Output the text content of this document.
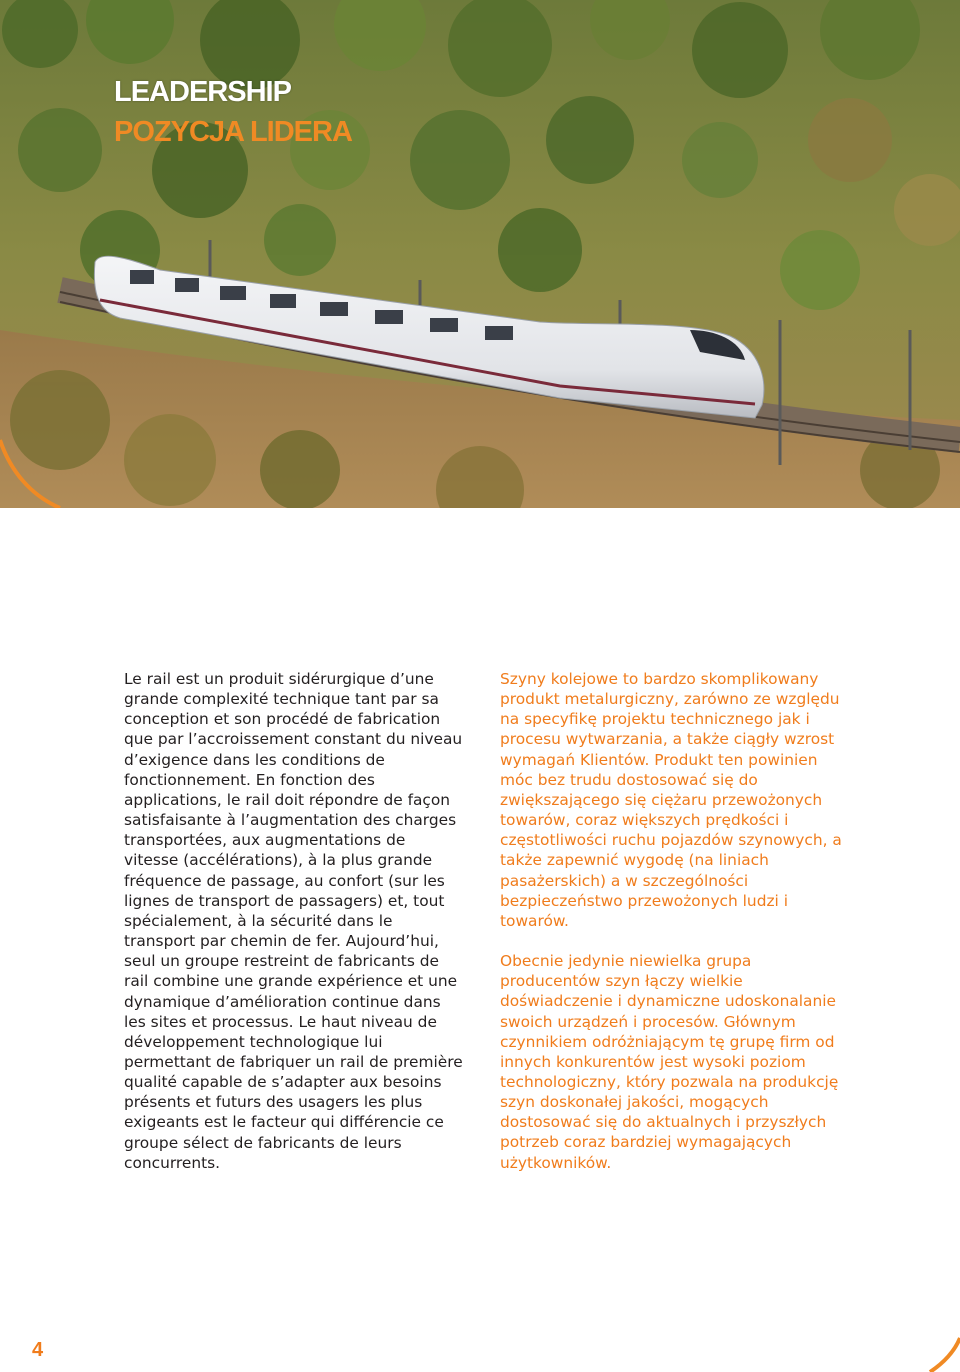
LEADERSHIP
POZYCJA LIDERA

Le rail est un produit sidérurgique d’une grande complexité technique tant par sa conception et son procédé de fabrication que par l’accroissement constant du niveau d’exigence dans les conditions de fonctionnement. En fonction des applications, le rail doit répondre de façon satisfaisante à l’augmentation des charges transportées, aux augmentations de vitesse (accélérations), à la plus grande fréquence de passage, au confort (sur les lignes de transport de passagers) et, tout spécialement, à la sécurité dans le transport par chemin de fer. Aujourd’hui, seul un groupe restreint de fabricants de rail combine une grande expérience et une dynamique d’amélioration continue dans les sites et processus. Le haut niveau de développement technologique lui permettant de fabriquer un rail de première qualité capable de s’adapter aux besoins présents et futurs des usagers les plus exigeants est le facteur qui différencie ce groupe sélect de fabricants de leurs concurrents.

Szyny kolejowe to bardzo skomplikowany produkt metalurgiczny, zarówno ze względu na specyfikę projektu technicznego jak i procesu wytwarzania, a także ciągły wzrost wymagań Klientów. Produkt ten powinien móc bez trudu dostosować się do zwiększającego się ciężaru przewożonych towarów, coraz większych prędkości i częstotliwości ruchu pojazdów szynowych, a także zapewnić wygodę (na liniach pasażerskich) a w szczególności bezpieczeństwo przewożonych ludzi i towarów.

Obecnie jedynie niewielka grupa producentów szyn łączy wielkie doświadczenie i dynamiczne udoskonalanie swoich urządzeń i procesów. Głównym czynnikiem odróżniającym tę grupę firm od innych konkurentów jest wysoki poziom technologiczny, który pozwala na produkcję szyn doskonałej jakości, mogących dostosować się do aktualnych i przyszłych potrzeb coraz bardziej wymagających użytkowników.

4
